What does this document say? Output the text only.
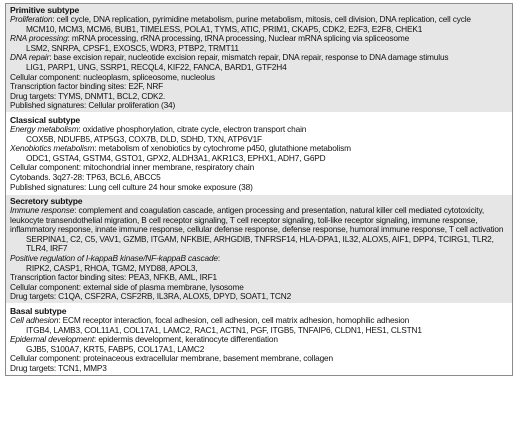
Primitive subtype
Proliferation: cell cycle, DNA replication, pyrimidine metabolism, purine metabolism, mitosis, cell division, DNA replication, cell cycle
MCM10, MCM3, MCM6, BUB1, TIMELESS, POLA1, TYMS, ATIC, PRIM1, CKAP5, CDK2, E2F3, E2F8, CHEK1
RNA processing: mRNA processing, rRNA processing, tRNA processing, Nuclear mRNA splicing via spliceosome
LSM2, SNRPA, CPSF1, EXOSC5, WDR3, PTBP2, TRMT11
DNA repair: base excision repair, nucleotide excision repair, mismatch repair, DNA repair, response to DNA damage stimulus
LIG1, PARP1, UNG, SSRP1, RECQL4, KIF22, FANCA, BARD1, GTF2H4
Cellular component: nucleoplasm, spliceosome, nucleolus
Transcription factor binding sites: E2F, NRF
Drug targets: TYMS, DNMT1, BCL2, CDK2.
Published signatures: Cellular proliferation (34)
Classical subtype
Energy metabolism: oxidative phosphorylation, citrate cycle, electron transport chain
COX5B, NDUFB5, ATP5G3, COX7B, DLD, SDHD, TXN, ATP6V1F
Xenobiotics metabolism: metabolism of xenobiotics by cytochrome p450, glutathione metabolism
ODC1, GSTA4, GSTM4, GSTO1, GPX2, ALDH3A1, AKR1C3, EPHX1, ADH7, G6PD
Cellular component: mitochondrial inner membrane, respiratory chain
Cytobands. 3q27-28: TP63, BCL6, ABCC5
Published signatures: Lung cell culture 24 hour smoke exposure (38)
Secretory subtype
Immune response: complement and coagulation cascade, antigen processing and presentation, natural killer cell mediated cytotoxicity, leukocyte transendothelial migration, B cell receptor signaling, T cell receptor signaling, toll-like receptor signaling, immune response, inflammatory response, innate immune response, cellular defense response, defense response, humoral immune response, T cell activation
SERPINA1, C2, C5, VAV1, GZMB, ITGAM, NFKBIE, ARHGDIB, TNFRSF14, HLA-DPA1, IL32, ALOX5, AIF1, DPP4, TCIRG1, TLR2, TLR4, IRF7
Positive regulation of I-kappaB kinase/NF-kappaB cascade:
RIPK2, CASP1, RHOA, TGM2, MYD88, APOL3,
Transcription factor binding sites: PEA3, NFKB, AML, IRF1
Cellular component: external side of plasma membrane, lysosome
Drug targets: C1QA, CSF2RA, CSF2RB, IL3RA, ALOX5, DPYD, SOAT1, TCN2
Basal subtype
Cell adhesion: ECM receptor interaction, focal adhesion, cell adhesion, cell matrix adhesion, homophilic adhesion
ITGB4, LAMB3, COL11A1, COL17A1, LAMC2, RAC1, ACTN1, PGF, ITGB5, TNFAIP6, CLDN1, HES1, CLSTN1
Epidermal development: epidermis development, keratinocyte differentiation
GJB5, S100A7, KRT5, FABP5, COL17A1, LAMC2
Cellular component: proteinaceous extracellular membrane, basement membrane, collagen
Drug targets: TCN1, MMP3
